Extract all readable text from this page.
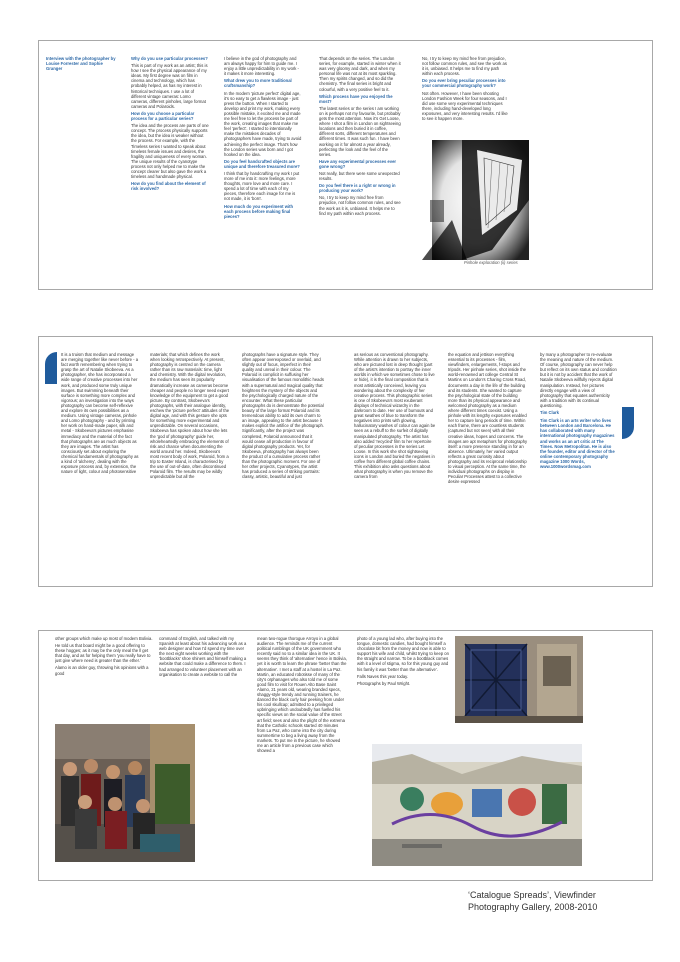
Interview with the photographer by Louise Forrester and Sophie Granger

Why do you use particular processes?

This is part of my work as an artist; this is how I see the physical appearance of my ideas. My first degree was on film in cinema and technology, which has probably helped, as has my interest in historical techniques. I use a lot of different vintage cameras: Lomo cameras, different pinholes, large format cameras and Polaroids.

How do you choose a particular process for a particular series?

The idea and the process are parts of one concept. The process physically supports the idea, but the idea is weaker without the process. For example, with the Timeless series I wanted to speak about timeless female issues and desires, the fragility and uniqueness of every woman. The unique results of the cyanotype process not only helped me to make the concept clearer but also gave the work a timeless and handmade physical.

How do you find about the element of risk involved?

I believe in the god of photography and am always happy for him to guide me. I enjoy a little unpredictability in my work - it makes it more interesting.

What drew you to more traditional craftsmanship?

In the modern 'picture perfect' digital age, it's so easy to get a flawless image - just press the button. When I started to develop and print my work, making every possible mistake, it excited me and made me feel free to let the process be part of the work, creating images that make me feel 'perfect'. I started to intentionally make the mistakes decades of photographers have made, trying to avoid achieving the perfect image. That's how the London series was born and I got hooked on the idea.

Do you feel handcrafted objects are unique and therefore treasured more?

I think that by handcrafting my work I put more of me into it: more feelings, more thoughts, more love and more care. I spend a lot of time with each of my pieces, therefore each image for me is not made, it is 'born'.

How much do you experiment with each process before making final pieces?

That depends on the series. The London series, for example, started in winter when it was very gloomy and dark, and when my personal life was not at its most sparkling. Then my spirits changed, and so did the chemistry. The final series is bright and colourful, with a very positive feel to it.

Which process have you enjoyed the most?

The latest series or the series I am working on is perhaps not my favourite, but probably gets the most attention. Now it's Get Loose, where I shot a film in London on sightseeing locations and then buried it in coffee, different sorts, different temperatures and different times. It was such fun. I have been working on it for almost a year already, perfecting the look and the feel of the series.

Have any experimental processes ever gone wrong?

Not really, but there were some unexpected results.

Do you feel there is a right or wrong in producing your work?

No, I try to keep my mind free from prejudice, not follow common rules, and see the work as it is, unbiased. It helps me to find my path within each process.

No, I try to keep my mind free from prejudice, not follow common rules, and see the work as it is, unbiased. It helps me to find my path within each process.

Do you ever bring peculiar processes into your commercial photography work?

Not often. However, I have been shooting London Fashion Week for four seasons, and I did use some very experimental techniques there, including hand-developed long exposures, and very interesting results. I'd like to see it happen more.

Pinhole exploration (ii) series

It is a truism that medium and message are merging together like never before - a fact worth remembering when trying to grasp the art of Natalie Skobeeva. As a photographer, she has incorporated a wide range of creative processes into her work, and produced some truly unique images. But swimming beneath their surface is something more complex and vigorous; an investigation into the ways photography can become self-reflexive and explore its own possibilities as a medium. Using vintage cameras, pinhole and Lomo photography - and by printing her work on hand-made paper, silk and metal - Skobeeva's pictures emphasise immediacy and the material of the fact that photographs are as much objects as they are images. The artist has consciously set about exploring the chemical fundamentals of photography as a kind of 'alchemy', dealing with the exposure process and, by extension, the nature of light, colour and photosensitive

materials; that which defines the work when looking retrospectively. At present, photography is centred on the camera rather than its raw materials: time, light and chemistry. With the digital revolution, the medium has seen its popularity dramatically increase as cameras become cheaper and people no longer need expert knowledge of the equipment to get a good picture. By contrast, Skobeeva's photographs, with their analogue identity, eschew the 'picture perfect' attitudes of the digital age, and with this gesture she opts for something more experimental and unpredictable. On several occasions, Skobeeva has spoken about how she lets the 'god of photography' guide her, wholeheartedly embracing the elements of risk and chance when documenting the world around her. Indeed, Skobeeva's most recent body of work, Polaroid, from a trip to Easter Island, is characterised by the use of out-of-date, often discontinued Polaroid film. The results may be wildly unpredictable but all the

photographs have a signature style. They often appear overexposed or overlaid, and slightly out of focus, imperfect in their quality and unreal in their colour. The Polaroid is complicit in suffusing her visualisation of the famous monolithic heads with a supernatural and magical quality that heightens the mystery of the objects and the psychologically charged nature of the encounter. What these particular photographs do is demonstrate the potential beauty of the large format Polaroid and its tremendous ability to add its own charm to an image, appealing to the artist because it makes explicit the artifice of the photograph. Significantly, after the project was completed, Polaroid announced that it would cease all production in favour of digital photography products. Yet, for Skobeeva, photography has always been the product of a cumulative process rather than the photographic moment. For one of her other projects, Cyanotypes, the artist has produced a series of striking portraits: classy, artistic, beautiful and just

as serious as conventional photography. While attention is drawn to her subjects, who are pictured lost in deep thought (part of the artist's intention to portray the inner worlds in which we sometimes chose to live or hide), it is the final composition that is most artistically conceived, leaving you wondering about the complexity of her creative process. This photographic series is one of Skobeeva's most exuberant displays of technical wizardry in the darkroom to date. Her use of burnouts and great swathes of blue to transform the negatives into prints with glowing, hallucinatory washes of colour can again be seen as a rebuff to the surfeit of digitally manipulated photography. The artist has also added 'recycled' film to her repertoire of peculiar processes in the series Let Loose. In this work she shot sightseeing icons in London and buried the negatives in coffee from different global coffee chains. This exhibition also asks questions about what photography is when you remove the camera from

the equation and jettison everything essential to its processes - film, viewfinders, enlargements, f-stops and tripods. Her pinhole series, shot inside the world-renowned art college Central St Martins on London's Charing Cross Road, documents a day in the life of the building and its students. She wanted to capture the psychological state of the building more than its physical appearance and welcomed photography as a medium where different times coexist. Using a pinhole with its lengthy exposures enabled her to capture long periods of time. Within each frame, there are countless students (captured but not seen) with all their creative ideas, hopes and concerns. The images are apt metaphors for photography itself: a more presence standing in for an absence. Ultimately, her varied output reflects a great curiosity about photography and its reciprocal relationship to visual perception. At the same time, the individual photographs on display in Peculiar Processes attest to a collective desire expressed

by many a photographer to re-evaluate the meaning and nature of the medium. Of course, photography can never help but reflect on its own status and condition but it is not by accident that the work of Natalie Skobeeva willfully rejects digital manipulation. Instead, her pictures directly engage with a view of photography that equates authenticity with a tradition with its continual questioning.

Tim Clark

Tim Clark is an arts writer who lives between London and Barcelona. He has collaborated with many international photography magazines and works as an art critic at The Times. Now Metropolitan. He is also the founder, editor and director of the online contemporary photography magazine 1000 Words, www.1000wordsmag.com

other groups which make up most of modern Bolivia.

He told us that board might be a good offering to these hogges; as it may be the only meal the ll get that day, and as for helping them 'you really have to just give where need is greater than the ether.'

Alamo is an older guy, throwing his opinions with a good

command of English, and talked with my Spanish at least about his advancing work as a web designer and how I'd spend my time over the next eight weeks working with the 'bootblacks' shoe shiners and himself making a website that could make a difference to them. I had arranged to volunteer placement with an organisation to create a website to call the

mean two-rogue thorogue Arroyo in a global audience. The reminds me of the current political rumblings of the UK government who recently said no to a similar idea in the UK. It seems they think of 'alternative' hence in Bolivia, yet it is worth to learn the phrase 'better than the alternative'. I met a staff at a hostel in La Paz. Martin, an educated robotisse of many of the city's orphanages who also told me of some good film to visit for Rouen Alto Base Saint Alamo, 21 years old, wearing branded specs, shaggy-style trendy and running trainers, he danced the black curly hair peeking from under his cool skullcap; admitted to a privileged upbringing which undoubtedly has fuelled his specific views on the social value of the street art field; sees and also the plight of the extrema that the Catholic schools started 40 minutes from La Paz, who come into the city during summertime to beg a living away from the markets. To put me in the picture, he showed me an article from a previous case which showed a

photo of a young lad who, after buying into the tongue, domestic candies, had bought himself a chocolate bit from the money and now is able to support his wife and child, whilst trying to keep on the straight and narrow. To be a bootblack comes with it a level of stigma, so for this young guy and his family it was 'better than the alternative'.

Falls Naves this year today.

Photographs by Paul Wright.

‘Catalogue Spreads’, Viewfinder
Photography Gallery, 2008-2010
